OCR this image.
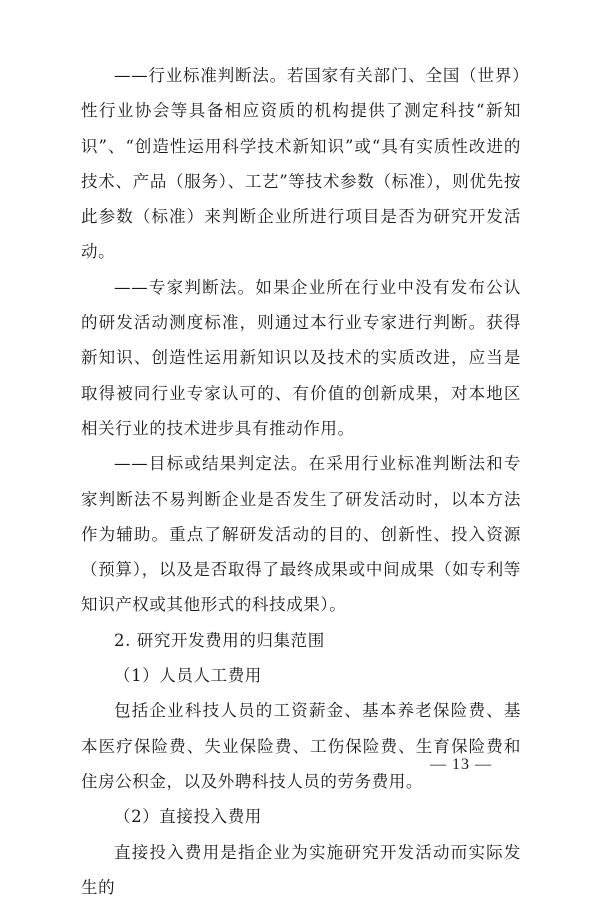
——行业标准判断法。若国家有关部门、全国（世界）性行业协会等具备相应资质的机构提供了测定科技“新知识”、“创造性运用科学技术新知识”或“具有实质性改进的技术、产品（服务）、工艺”等技术参数（标准），则优先按此参数（标准）来判断企业所进行项目是否为研究开发活动。

——专家判断法。如果企业所在行业中没有发布公认的研发活动测度标准，则通过本行业专家进行判断。获得新知识、创造性运用新知识以及技术的实质改进，应当是取得被同行业专家认可的、有价值的创新成果，对本地区相关行业的技术进步具有推动作用。

——目标或结果判定法。在采用行业标准判断法和专家判断法不易判断企业是否发生了研发活动时，以本方法作为辅助。重点了解研发活动的目的、创新性、投入资源（预算），以及是否取得了最终成果或中间成果（如专利等知识产权或其他形式的科技成果）。

2. 研究开发费用的归集范围

（1）人员人工费用

包括企业科技人员的工资薪金、基本养老保险费、基本医疗保险费、失业保险费、工伤保险费、生育保险费和住房公积金，以及外聘科技人员的劳务费用。

（2）直接投入费用

直接投入费用是指企业为实施研究开发活动而实际发生的

— 13 —
